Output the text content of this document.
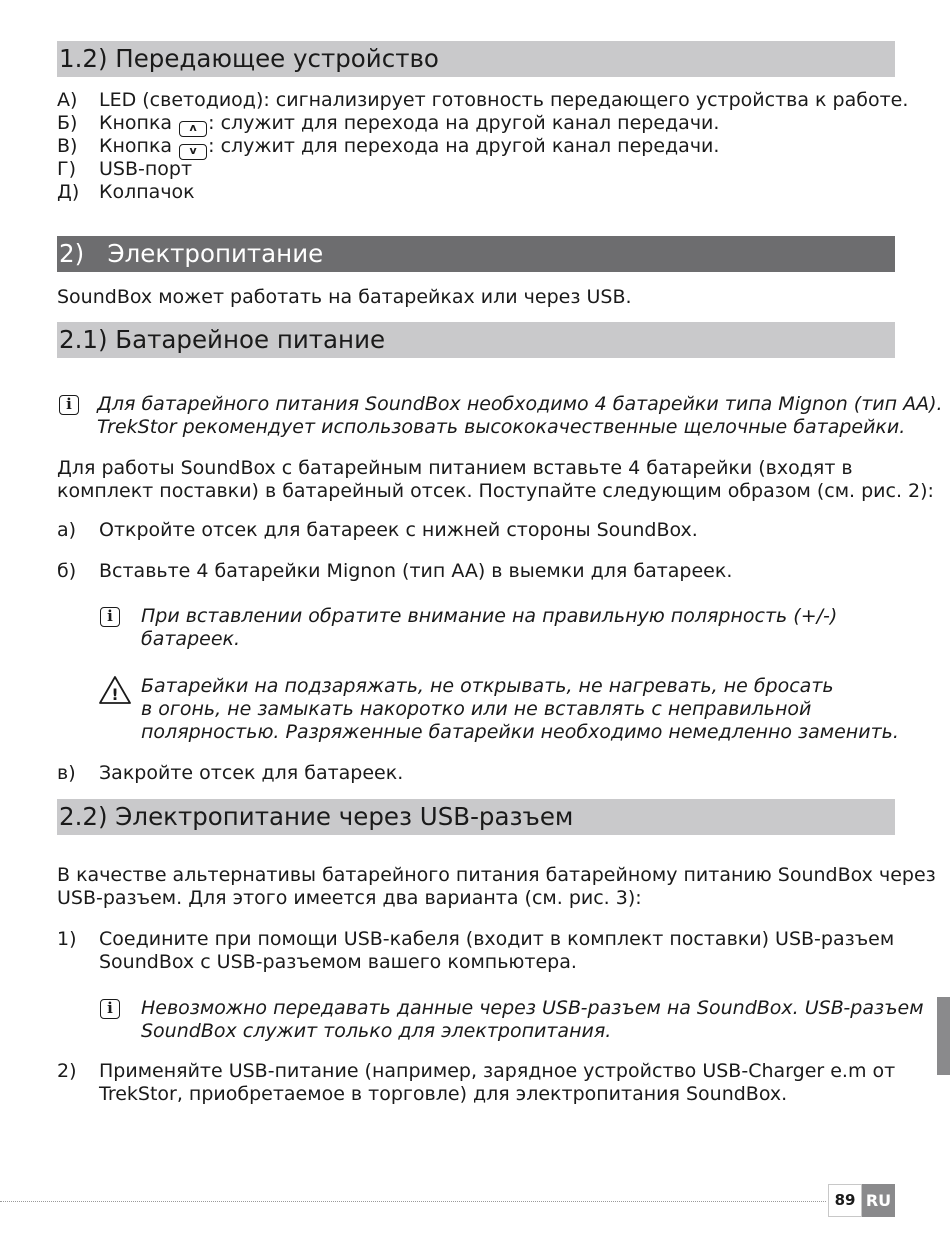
1.2) Передающее устройство
A) LED (светодиод): сигнализирует готовность передающего устройства к работе.
Б) Кнопка ʌ : служит для перехода на другой канал передачи.
В) Кнопка v : служит для перехода на другой канал передачи.
Г) USB-порт
Д) Колпачок
2)   Электропитание
SoundBox может работать на батарейках или через USB.
2.1) Батарейное питание
i	Для батарейного питания SoundBox необходимо 4 батарейки типа Mignon (тип AA).
TrekStor рекомендует использовать высококачественные щелочные батарейки.
Для работы SoundBox с батарейным питанием вставьте 4 батарейки (входят в
комплект поставки) в батарейный отсек. Поступайте следующим образом (см. рис. 2):
а) Откройте отсек для батареек с нижней стороны SoundBox.
б) Вставьте 4 батарейки Mignon (тип AA) в выемки для батареек.
i	При вставлении обратите внимание на правильную полярность (+/-)
батареек.
! Батарейки на подзаряжать, не открывать, не нагревать, не бросать
в огонь, не замыкать накоротко или не вставлять с неправильной
полярностью. Разряженные батарейки необходимо немедленно заменить.
в) Закройте отсек для батареек.
2.2) Электропитание через USB-разъем
В качестве альтернативы батарейного питания батарейному питанию SoundBox через
USB-разъем. Для этого имеется два варианта (см. рис. 3):
1) Соедините при помощи USB-кабеля (входит в комплект поставки) USB-разъем
SoundBox с USB-разъемом вашего компьютера.
i	Невозможно передавать данные через USB-разъем на SoundBox. USB-разъем
SoundBox служит только для электропитания.
2) Применяйте USB-питание (например, зарядное устройство USB-Charger e.m от
TrekStor, приобретаемое в торговле) для электропитания SoundBox.
89 RU
